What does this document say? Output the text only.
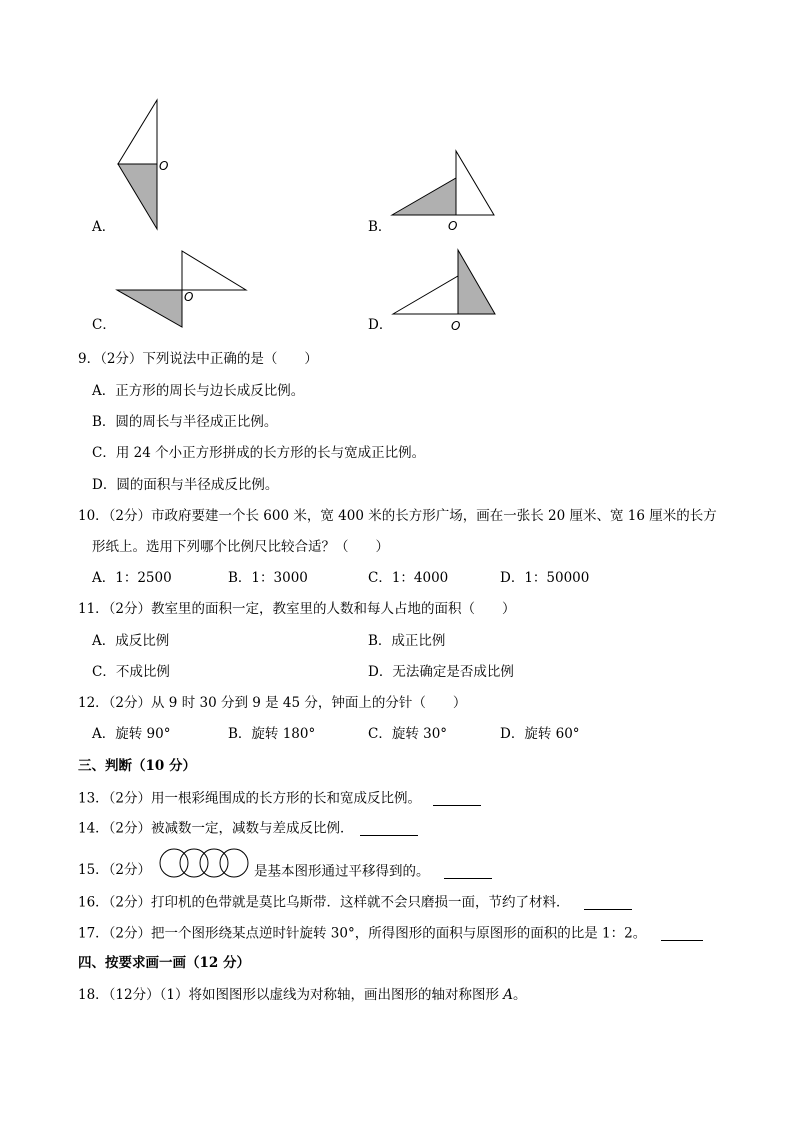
A．
O
B．	O
C．
O
D．	O
9．（2分）下列说法中正确的是（　　）
A．正方形的周长与边长成反比例。
B．圆的周长与半径成正比例。
C．用 24 个小正方形拼成的长方形的长与宽成正比例。
D．圆的面积与半径成反比例。
10．（2分）市政府要建一个长 600 米，宽 400 米的长方形广场，画在一张长 20 厘米、宽 16 厘米的长方
形纸上。选用下列哪个比例尺比较合适？（　　）
A．1：2500	B．1：3000	C．1：4000	D．1：50000
11．（2分）教室里的面积一定，教室里的人数和每人占地的面积（　　）
A．成反比例	B．成正比例
C．不成比例	D．无法确定是否成比例
12．（2分）从 9 时 30 分到 9 是 45 分，钟面上的分针（　　）
A．旋转 90°	B．旋转 180°	C．旋转 30°	D．旋转 60°
三、判断（10 分）
13．（2分）用一根彩绳围成的长方形的长和宽成反比例。
14．（2分）被减数一定，减数与差成反比例．
15．（2分）	是基本图形通过平移得到的。
16．（2分）打印机的色带就是莫比乌斯带．这样就不会只磨损一面，节约了材料．
17．（2分）把一个图形绕某点逆时针旋转 30°，所得图形的面积与原图形的面积的比是 1：2。
四、按要求画一画（12 分）
18．（12分）（1）将如图图形以虚线为对称轴，画出图形的轴对称图形 A。
